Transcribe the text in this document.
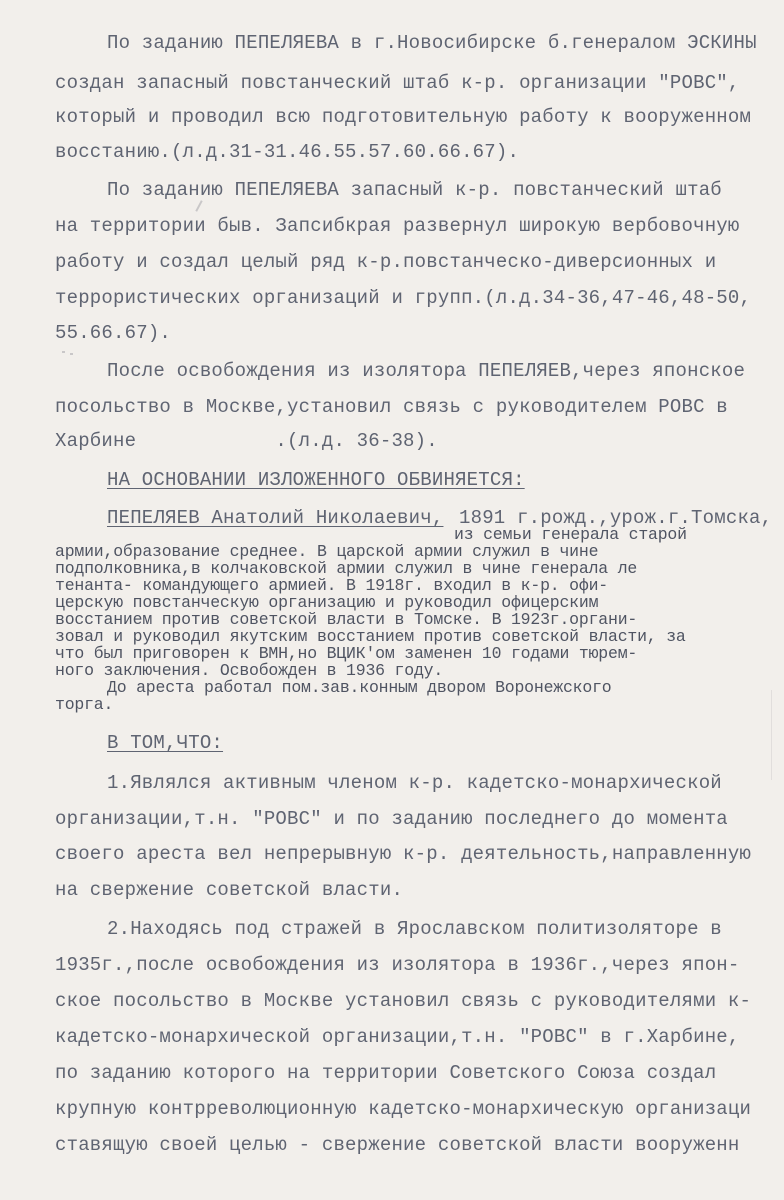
По заданию ПЕПЕЛЯЕВА в г.Новосибирске б.генералом ЭСКИНЫ
создан запасный повстанческий штаб к-р. организации "РОВС",
который и проводил всю подготовительную работу к вооруженном
восстанию.(л.д.31-31.46.55.57.60.66.67).
По заданию ПЕПЕЛЯЕВА запасный к-р. повстанческий штаб
на территории быв. Запсибкрая развернул широкую вербовочную
работу и создал целый ряд к-р.повстанческо-диверсионных и
террористических организаций и групп.(л.д.34-36,47-46,48-50,
55.66.67).
После освобождения из изолятора ПЕПЕЛЯЕВ,через японское
посольство в Москве,установил связь с руководителем РОВС в
Харбине            .(л.д. 36-38).
НА ОСНОВАНИИ ИЗЛОЖЕННОГО ОБВИНЯЕТСЯ:
ПЕПЕЛЯЕВ Анатолий Николаевич, 1891 г.рожд.,урож.г.Томска,
из семьи генерала старой
армии,образование среднее. В царской армии служил в чине
подполковника,в колчаковской армии служил в чине генерала ле
тенанта- командующего армией. В 1918г. входил в к-р. офи-
церскую повстанческую организацию и руководил офицерским
восстанием против советской власти в Томске. В 1923г.органи-
зовал и руководил якутским восстанием против советской власти, за
что был приговорен к ВМН,но ВЦИК'ом заменен 10 годами тюрем-
ного заключения. Освобожден в 1936 году.
До ареста работал пом.зав.конным двором Воронежского
торга.
В ТОМ,ЧТО:
1.Являлся активным членом к-р. кадетско-монархической
организации,т.н. "РОВС" и по заданию последнего до момента
своего ареста вел непрерывную к-р. деятельность,направленную
на свержение советской власти.
2.Находясь под стражей в Ярославском политизоляторе в
1935г.,после освобождения из изолятора в 1936г.,через япон-
ское посольство в Москве установил связь с руководителями к-
кадетско-монархической организации,т.н. "РОВС" в г.Харбине,
по заданию которого на территории Советского Союза создал
крупную контрреволюционную кадетско-монархическую организаци
ставящую своей целью - свержение советской власти вооруженн
